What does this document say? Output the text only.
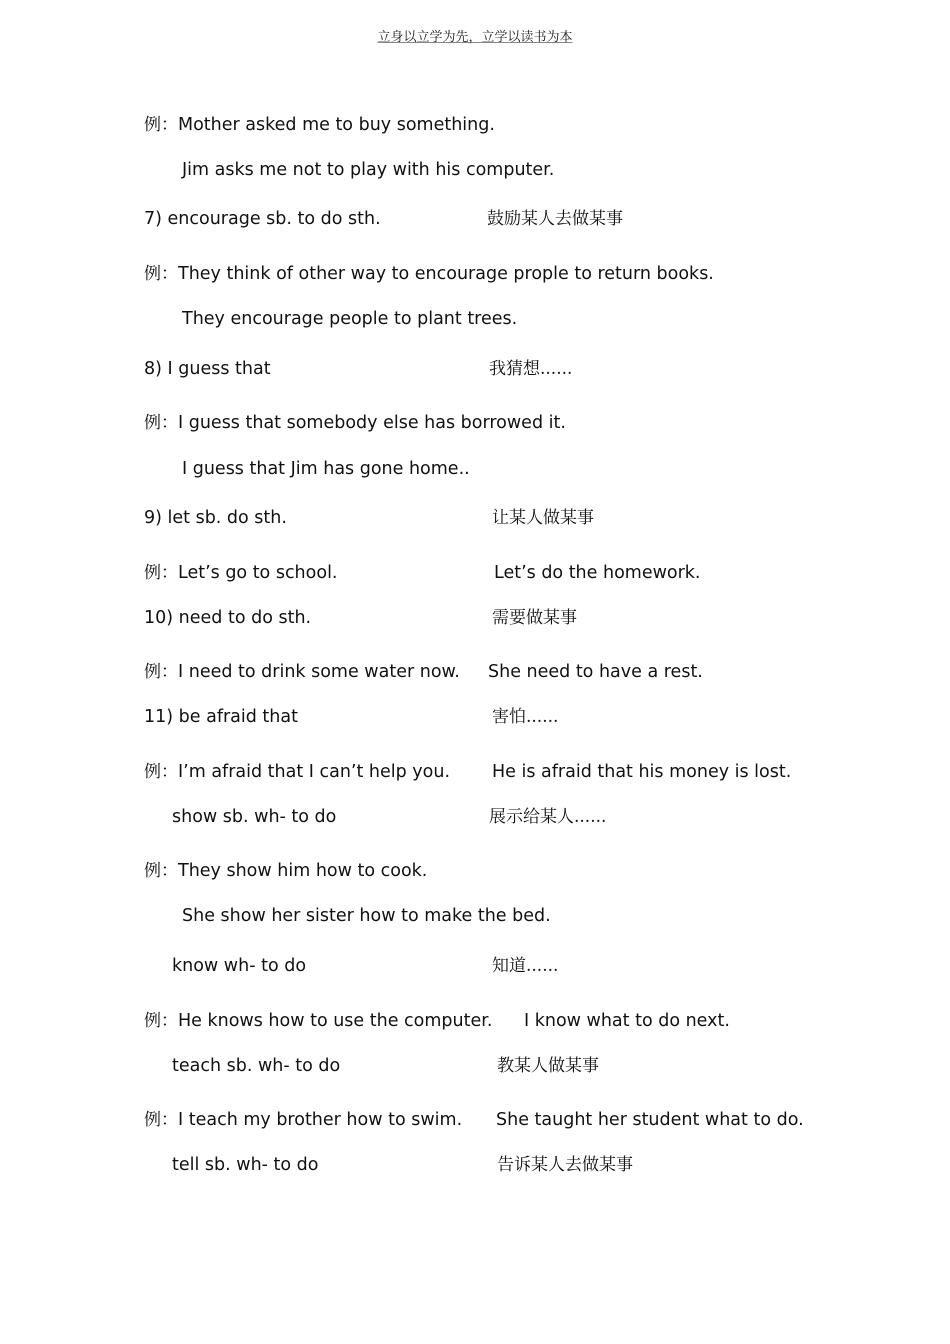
立身以立学为先，立学以读书为本
例：Mother asked me to buy something.
Jim asks me not to play with his computer.
7) encourage sb. to do sth.	鼓励某人去做某事
例：They think of other way to encourage prople to return books.
They encourage people to plant trees.
8) I guess that	我猜想......
例：I guess that somebody else has borrowed it.
I guess that Jim has gone home..
9) let sb. do sth.	让某人做某事
例：Let’s go to school.	Let’s do the homework.
10) need to do sth.	需要做某事
例：I need to drink some water now. She need to have a rest.
11) be afraid that	害怕......
例：I’m afraid that I can’t help you. He is afraid that his money is lost.
show sb. wh- to do	展示给某人......
例：They show him how to cook.
She show her sister how to make the bed.
know wh- to do	知道......
例：He knows how to use the computer. I know what to do next.
teach sb. wh- to do	教某人做某事
例：I teach my brother how to swim. She taught her student what to do.
tell sb. wh- to do	告诉某人去做某事
